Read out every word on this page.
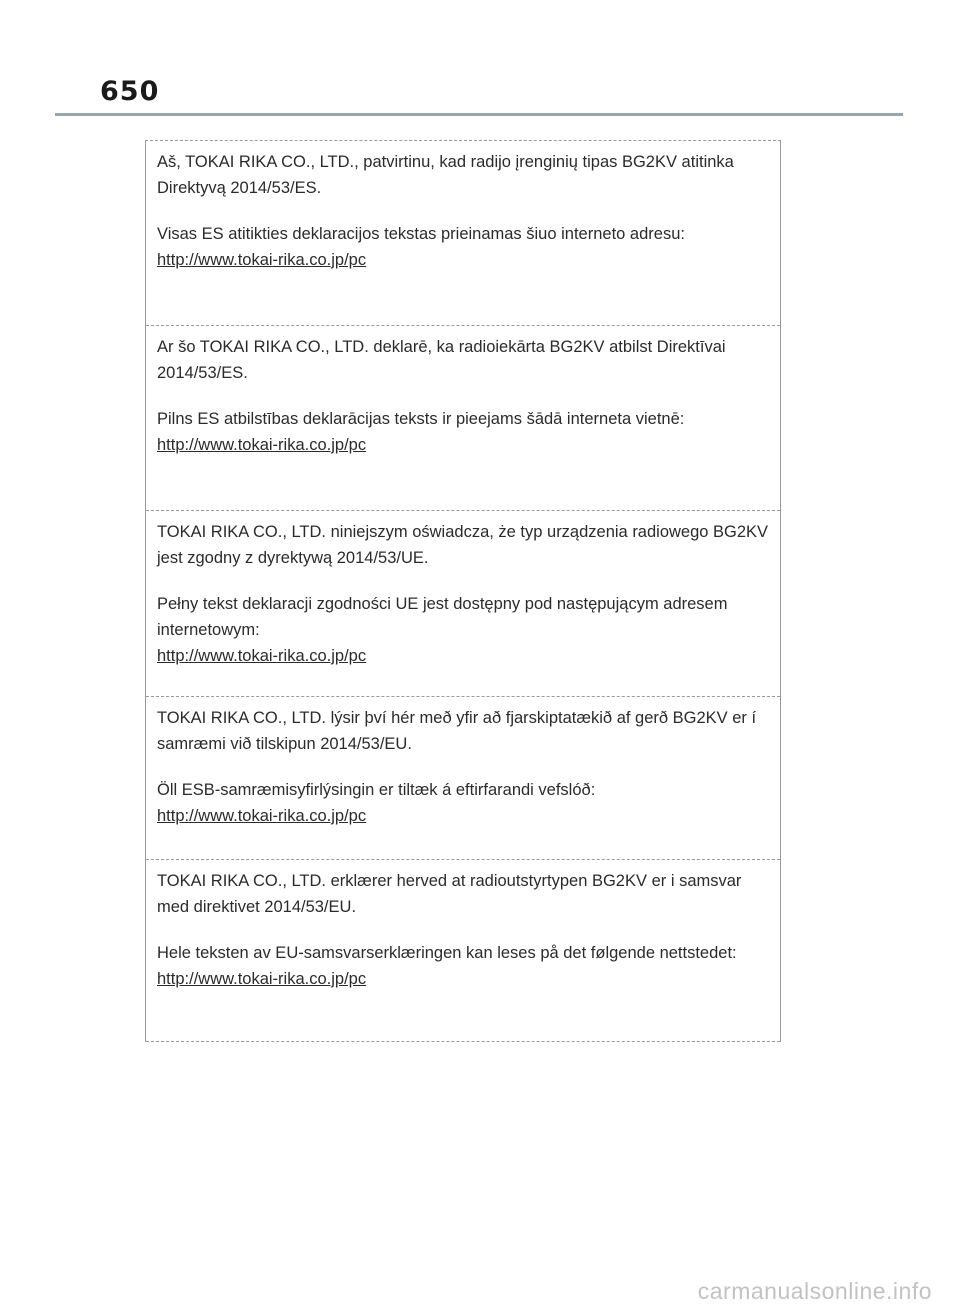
650

Aš, TOKAI RIKA CO., LTD., patvirtinu, kad radijo įrenginių tipas BG2KV atitinka Direktyvą 2014/53/ES.

Visas ES atitikties deklaracijos tekstas prieinamas šiuo interneto adresu:

http://www.tokai-rika.co.jp/pc

Ar šo TOKAI RIKA CO., LTD. deklarē, ka radioiekārta BG2KV atbilst Direktīvai 2014/53/ES.

Pilns ES atbilstības deklarācijas teksts ir pieejams šādā interneta vietnē:

http://www.tokai-rika.co.jp/pc

TOKAI RIKA CO., LTD. niniejszym oświadcza, że typ urządzenia radiowego BG2KV jest zgodny z dyrektywą 2014/53/UE.

Pełny tekst deklaracji zgodności UE jest dostępny pod następującym adresem internetowym:

http://www.tokai-rika.co.jp/pc

TOKAI RIKA CO., LTD. lýsir því hér með yfir að fjarskiptatækið af gerð BG2KV er í samræmi við tilskipun 2014/53/EU.

Öll ESB-samræmisyfirlýsingin er tiltæk á eftirfarandi vefslóð:

http://www.tokai-rika.co.jp/pc

TOKAI RIKA CO., LTD. erklærer herved at radioutstyrtypen BG2KV er i samsvar med direktivet 2014/53/EU.

Hele teksten av EU-samsvarserklæringen kan leses på det følgende nettstedet:

http://www.tokai-rika.co.jp/pc
carmanualsonline.info
